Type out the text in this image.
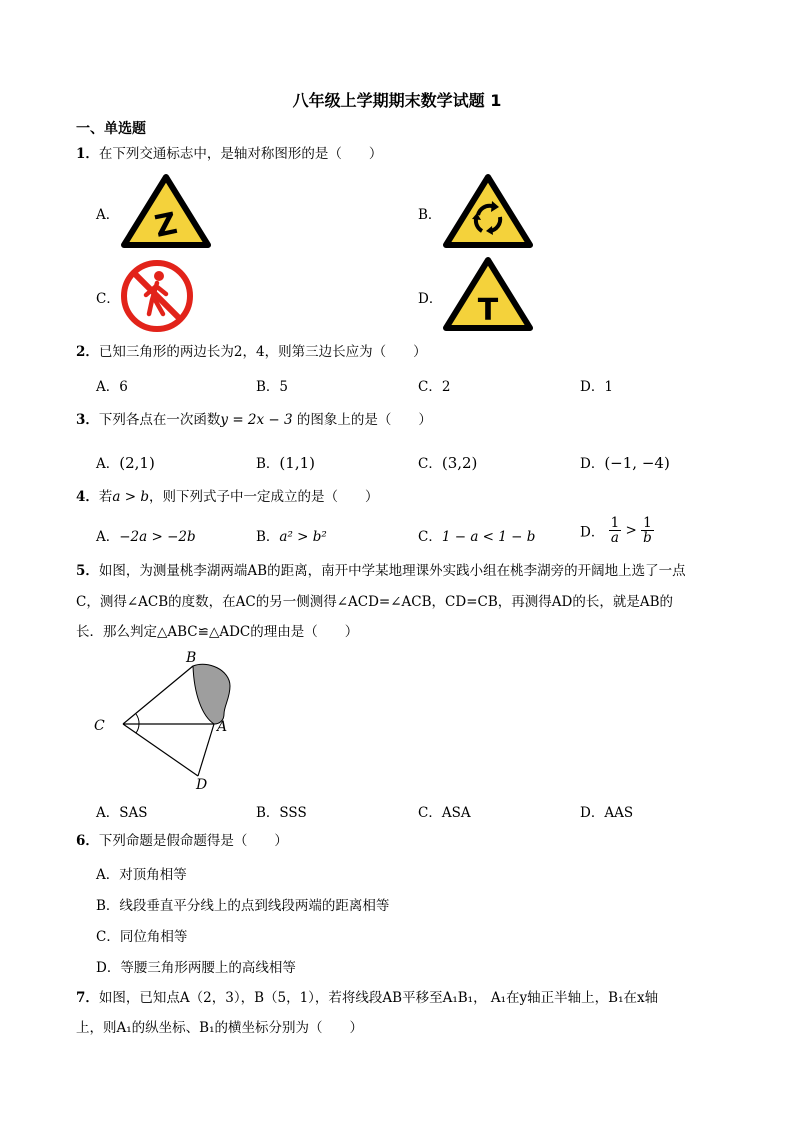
八年级上学期期末数学试题 1
一、单选题
1．在下列交通标志中，是轴对称图形的是（　　）
A． Z	B．
C．	D． T
2．已知三角形的两边长为2，4，则第三边长应为（　　）
A．6	B．5	C．2	D．1
3．下列各点在一次函数y = 2x − 3 的图象上的是（　　）
A．(2,1)	B．(1,1)	C．(3,2)	D．(−1, −4)
4．若a > b，则下列式子中一定成立的是（　　）
A．−2a > −2b	B．a² > b²	C．1 − a < 1 − b	D． $\frac{1}{a} > \frac{1}{b}$
5．如图，为测量桃李湖两端AB的距离，南开中学某地理课外实践小组在桃李湖旁的开阔地上选了一点
C，测得∠ACB的度数，在AC的另一侧测得∠ACD=∠ACB，CD=CB，再测得AD的长，就是AB的
长．那么判定△ABC≌△ADC的理由是（　　）
B
C	A
D
A．SAS	B．SSS	C．ASA	D．AAS
6．下列命题是假命题得是（　　）
A．对顶角相等
B．线段垂直平分线上的点到线段两端的距离相等
C．同位角相等
D．等腰三角形两腰上的高线相等
7．如图，已知点A（2，3），B（5，1），若将线段AB平移至A₁B₁， A₁在y轴正半轴上，B₁在x轴
上，则A₁的纵坐标、B₁的横坐标分别为（　　）
